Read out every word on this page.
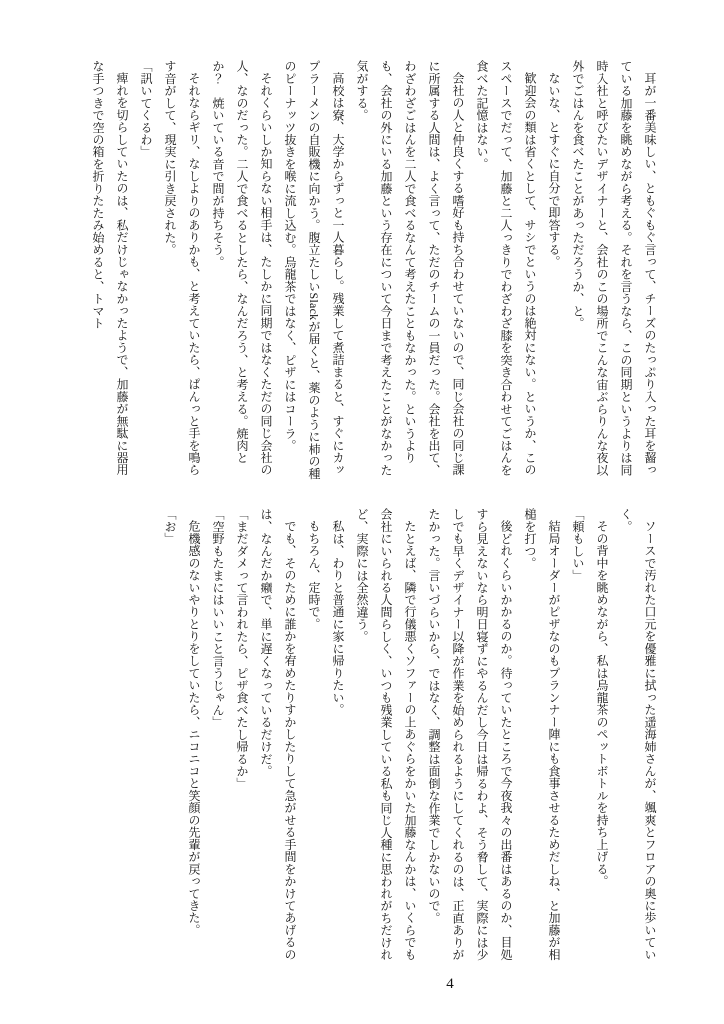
耳が一番美味しい、ともぐもぐ言って、チーズのたっぷり入った耳を齧っている加藤を眺めながら考える。それを言うなら、この同期というよりは同時入社と呼びたいデザイナーと、会社のこの場所でこんな宙ぶらりんな夜以外でごはんを食べたことがあっただろうか、と。

ないな、とすぐに自分で即答する。

歓迎会の類は省くとして、サシでというのは絶対にない。というか、このスペースでだって、加藤と二人っきりでわざわざ膝を突き合わせてごはんを食べた記憶はない。

会社の人と仲良くする嗜好も持ち合わせていないので、同じ会社の同じ課に所属する人間は、よく言って、ただのチームの一員だった。会社を出て、わざわざごはんを二人で食べるなんて考えたこともなかった。というよりも、会社の外にいる加藤という存在について今日まで考えたことがなかった気がする。

高校は寮、大学からずっと一人暮らし。残業して煮詰まると、すぐにカップラーメンの自販機に向かう。腹立たしいSlackが届くと、薬のように柿の種のピーナッツ抜きを喉に流し込む。烏龍茶ではなく、ピザにはコーラ。

それくらいしか知らない相手は、たしかに同期ではなくただの同じ会社の人、なのだった。二人で食べるとしたら、なんだろう、と考える。焼肉とか？　焼いている音で間が持ちそう。

それならギリ、なしよりのありかも、と考えていたら、ぱんっと手を鳴らす音がして、現実に引き戻された。

「訊いてくるわ」

痺れを切らしていたのは、私だけじゃなかったようで、加藤が無駄に器用な手つきで空の箱を折りたたみ始めると、トマト

ソースで汚れた口元を優雅に拭った遥海姉さんが、颯爽とフロアの奥に歩いていく。

その背中を眺めながら、私は烏龍茶のペットボトルを持ち上げる。

「頼もしい」

結局オーダーがピザなのもプランナー陣にも食事させるためだしね、と加藤が相槌を打つ。

後どれくらいかかるのか。待っていたところで今夜我々の出番はあるのか、目処すら見えないなら明日寝ずにやるんだし今日は帰るわよ、そう脅して、実際には少しでも早くデザイナー以降が作業を始められるようにしてくれるのは、正直ありがたかった。言いづらいから、ではなく、調整は面倒な作業でしかないので。

たとえば、隣で行儀悪くソファーの上あぐらをかいた加藤なんかは、いくらでも会社にいられる人間らしく、いつも残業している私も同じ人種に思われがちだけれど、実際には全然違う。

私は、わりと普通に家に帰りたい。

もちろん、定時で。

でも、そのために誰かを宥めたりすかしたりして急がせる手間をかけてあげるのは、なんだか癪で、単に遅くなっているだけだ。

「まだダメって言われたら、ピザ食べたし帰るか」

「空野もたまにはいいこと言うじゃん」

危機感のないやりとりをしていたら、ニコニコと笑顔の先輩が戻ってきた。

「お」

4
